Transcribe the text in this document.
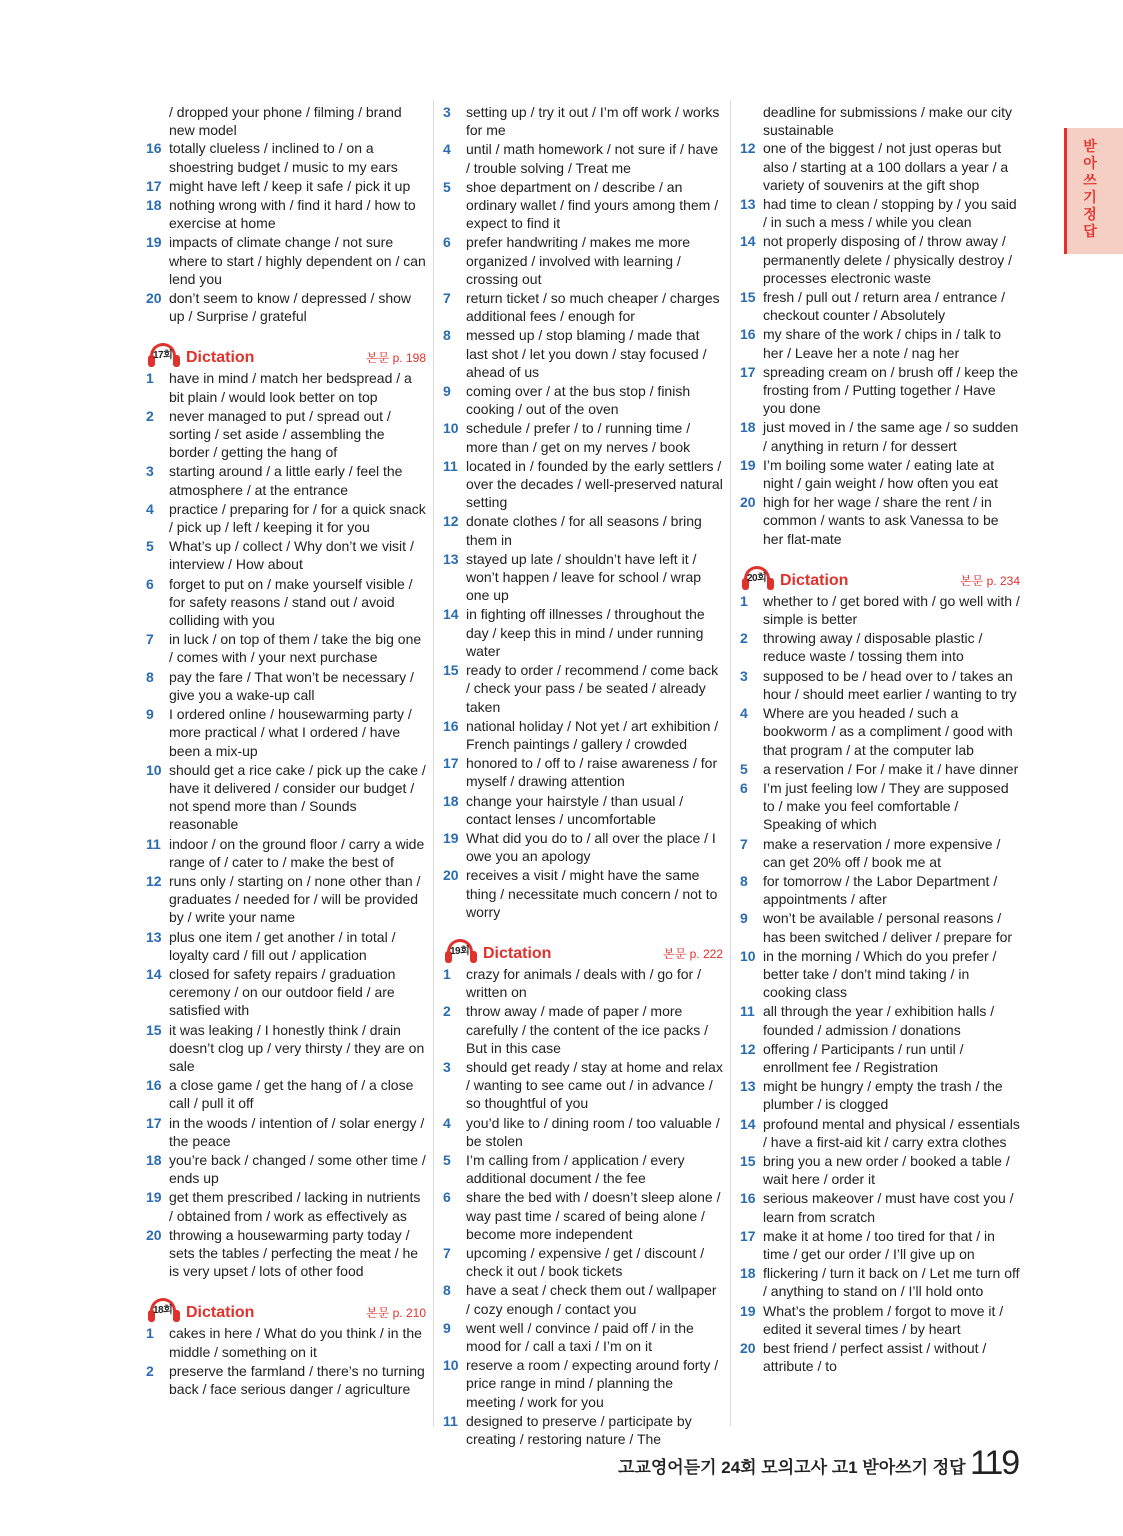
/ dropped your phone / filming / brand new model
16 totally clueless / inclined to / on a shoestring budget / music to my ears
17 might have left / keep it safe / pick it up
18 nothing wrong with / find it hard / how to exercise at home
19 impacts of climate change / not sure where to start / highly dependent on / can lend you
20 don’t seem to know / depressed / show up / Surprise / grateful
17회 Dictation	본문 p. 198
1	have in mind / match her bedspread / a bit plain / would look better on top
2	never managed to put / spread out / sorting / set aside / assembling the border / getting the hang of
3	starting around / a little early / feel the atmosphere / at the entrance
4	practice / preparing for / for a quick snack / pick up / left / keeping it for you
5	What’s up / collect / Why don’t we visit / interview / How about
6	forget to put on / make yourself visible / for safety reasons / stand out / avoid colliding with you
7	in luck / on top of them / take the big one / comes with / your next purchase
8	pay the fare / That won’t be necessary / give you a wake-up call
9	I ordered online / housewarming party / more practical / what I ordered / have been a mix-up
10 should get a rice cake / pick up the cake / have it delivered / consider our budget / not spend more than / Sounds reasonable
11 indoor / on the ground floor / carry a wide range of / cater to / make the best of
12 runs only / starting on / none other than / graduates / needed for / will be provided by / write your name
13 plus one item / get another / in total / loyalty card / fill out / application
14 closed for safety repairs / graduation ceremony / on our outdoor field / are satisfied with
15 it was leaking / I honestly think / drain doesn’t clog up / very thirsty / they are on sale
16 a close game / get the hang of / a close call / pull it off
17 in the woods / intention of / solar energy / the peace
18 you’re back / changed / some other time / ends up
19 get them prescribed / lacking in nutrients / obtained from / work as effectively as
20 throwing a housewarming party today / sets the tables / perfecting the meat / he is very upset / lots of other food
18회 Dictation	본문 p. 210
1	cakes in here / What do you think / in the middle / something on it
2	preserve the farmland / there’s no turning back / face serious danger / agriculture
3	setting up / try it out / I’m off work / works for me
4	until / math homework / not sure if / have / trouble solving / Treat me
5	shoe department on / describe / an ordinary wallet / find yours among them / expect to find it
6	prefer handwriting / makes me more organized / involved with learning / crossing out
7	return ticket / so much cheaper / charges additional fees / enough for
8	messed up / stop blaming / made that last shot / let you down / stay focused / ahead of us
9	coming over / at the bus stop / finish cooking / out of the oven
10 schedule / prefer / to / running time / more than / get on my nerves / book
11 located in / founded by the early settlers / over the decades / well-preserved natural setting
12 donate clothes / for all seasons / bring them in
13 stayed up late / shouldn’t have left it / won’t happen / leave for school / wrap one up
14 in fighting off illnesses / throughout the day / keep this in mind / under running water
15 ready to order / recommend / come back / check your pass / be seated / already taken
16 national holiday / Not yet / art exhibition / French paintings / gallery / crowded
17 honored to / off to / raise awareness / for myself / drawing attention
18 change your hairstyle / than usual / contact lenses / uncomfortable
19 What did you do to / all over the place / I owe you an apology
20 receives a visit / might have the same thing / necessitate much concern / not to worry
19회 Dictation	본문 p. 222
1	crazy for animals / deals with / go for / written on
2	throw away / made of paper / more carefully / the content of the ice packs / But in this case
3	should get ready / stay at home and relax / wanting to see came out / in advance / so thoughtful of you
4	you’d like to / dining room / too valuable / be stolen
5	I’m calling from / application / every additional document / the fee
6	share the bed with / doesn’t sleep alone / way past time / scared of being alone / become more independent
7	upcoming / expensive / get / discount / check it out / book tickets
8	have a seat / check them out / wallpaper / cozy enough / contact you
9	went well / convince / paid off / in the mood for / call a taxi / I’m on it
10 reserve a room / expecting around forty / price range in mind / planning the meeting / work for you
11 designed to preserve / participate by creating / restoring nature / The
deadline for submissions / make our city sustainable
12 one of the biggest / not just operas but also / starting at a 100 dollars a year / a variety of souvenirs at the gift shop
13 had time to clean / stopping by / you said / in such a mess / while you clean
14 not properly disposing of / throw away / permanently delete / physically destroy / processes electronic waste
15 fresh / pull out / return area / entrance / checkout counter / Absolutely
16 my share of the work / chips in / talk to her / Leave her a note / nag her
17 spreading cream on / brush off / keep the frosting from / Putting together / Have you done
18 just moved in / the same age / so sudden / anything in return / for dessert
19 I’m boiling some water / eating late at night / gain weight / how often you eat
20 high for her wage / share the rent / in common / wants to ask Vanessa to be her flat-mate
20회 Dictation	본문 p. 234
1	whether to / get bored with / go well with / simple is better
2	throwing away / disposable plastic / reduce waste / tossing them into
3	supposed to be / head over to / takes an hour / should meet earlier / wanting to try
4	Where are you headed / such a bookworm / as a compliment / good with that program / at the computer lab
5	a reservation / For / make it / have dinner
6	I’m just feeling low / They are supposed to / make you feel comfortable / Speaking of which
7	make a reservation / more expensive / can get 20% off / book me at
8	for tomorrow / the Labor Department / appointments / after
9	won’t be available / personal reasons / has been switched / deliver / prepare for
10 in the morning / Which do you prefer / better take / don’t mind taking / in cooking class
11 all through the year / exhibition halls / founded / admission / donations
12 offering / Participants / run until / enrollment fee / Registration
13 might be hungry / empty the trash / the plumber / is clogged
14 profound mental and physical / essentials / have a first-aid kit / carry extra clothes
15 bring you a new order / booked a table / wait here / order it
16 serious makeover / must have cost you / learn from scratch
17 make it at home / too tired for that / in time / get our order / I’ll give up on
18 flickering / turn it back on / Let me turn off / anything to stand on / I’ll hold onto
19 What’s the problem / forgot to move it / edited it several times / by heart
20 best friend / perfect assist / without / attribute / to
받아쓰기 정답
고교영어듣기 24회 모의고사 고1 받아쓰기 정답 119
